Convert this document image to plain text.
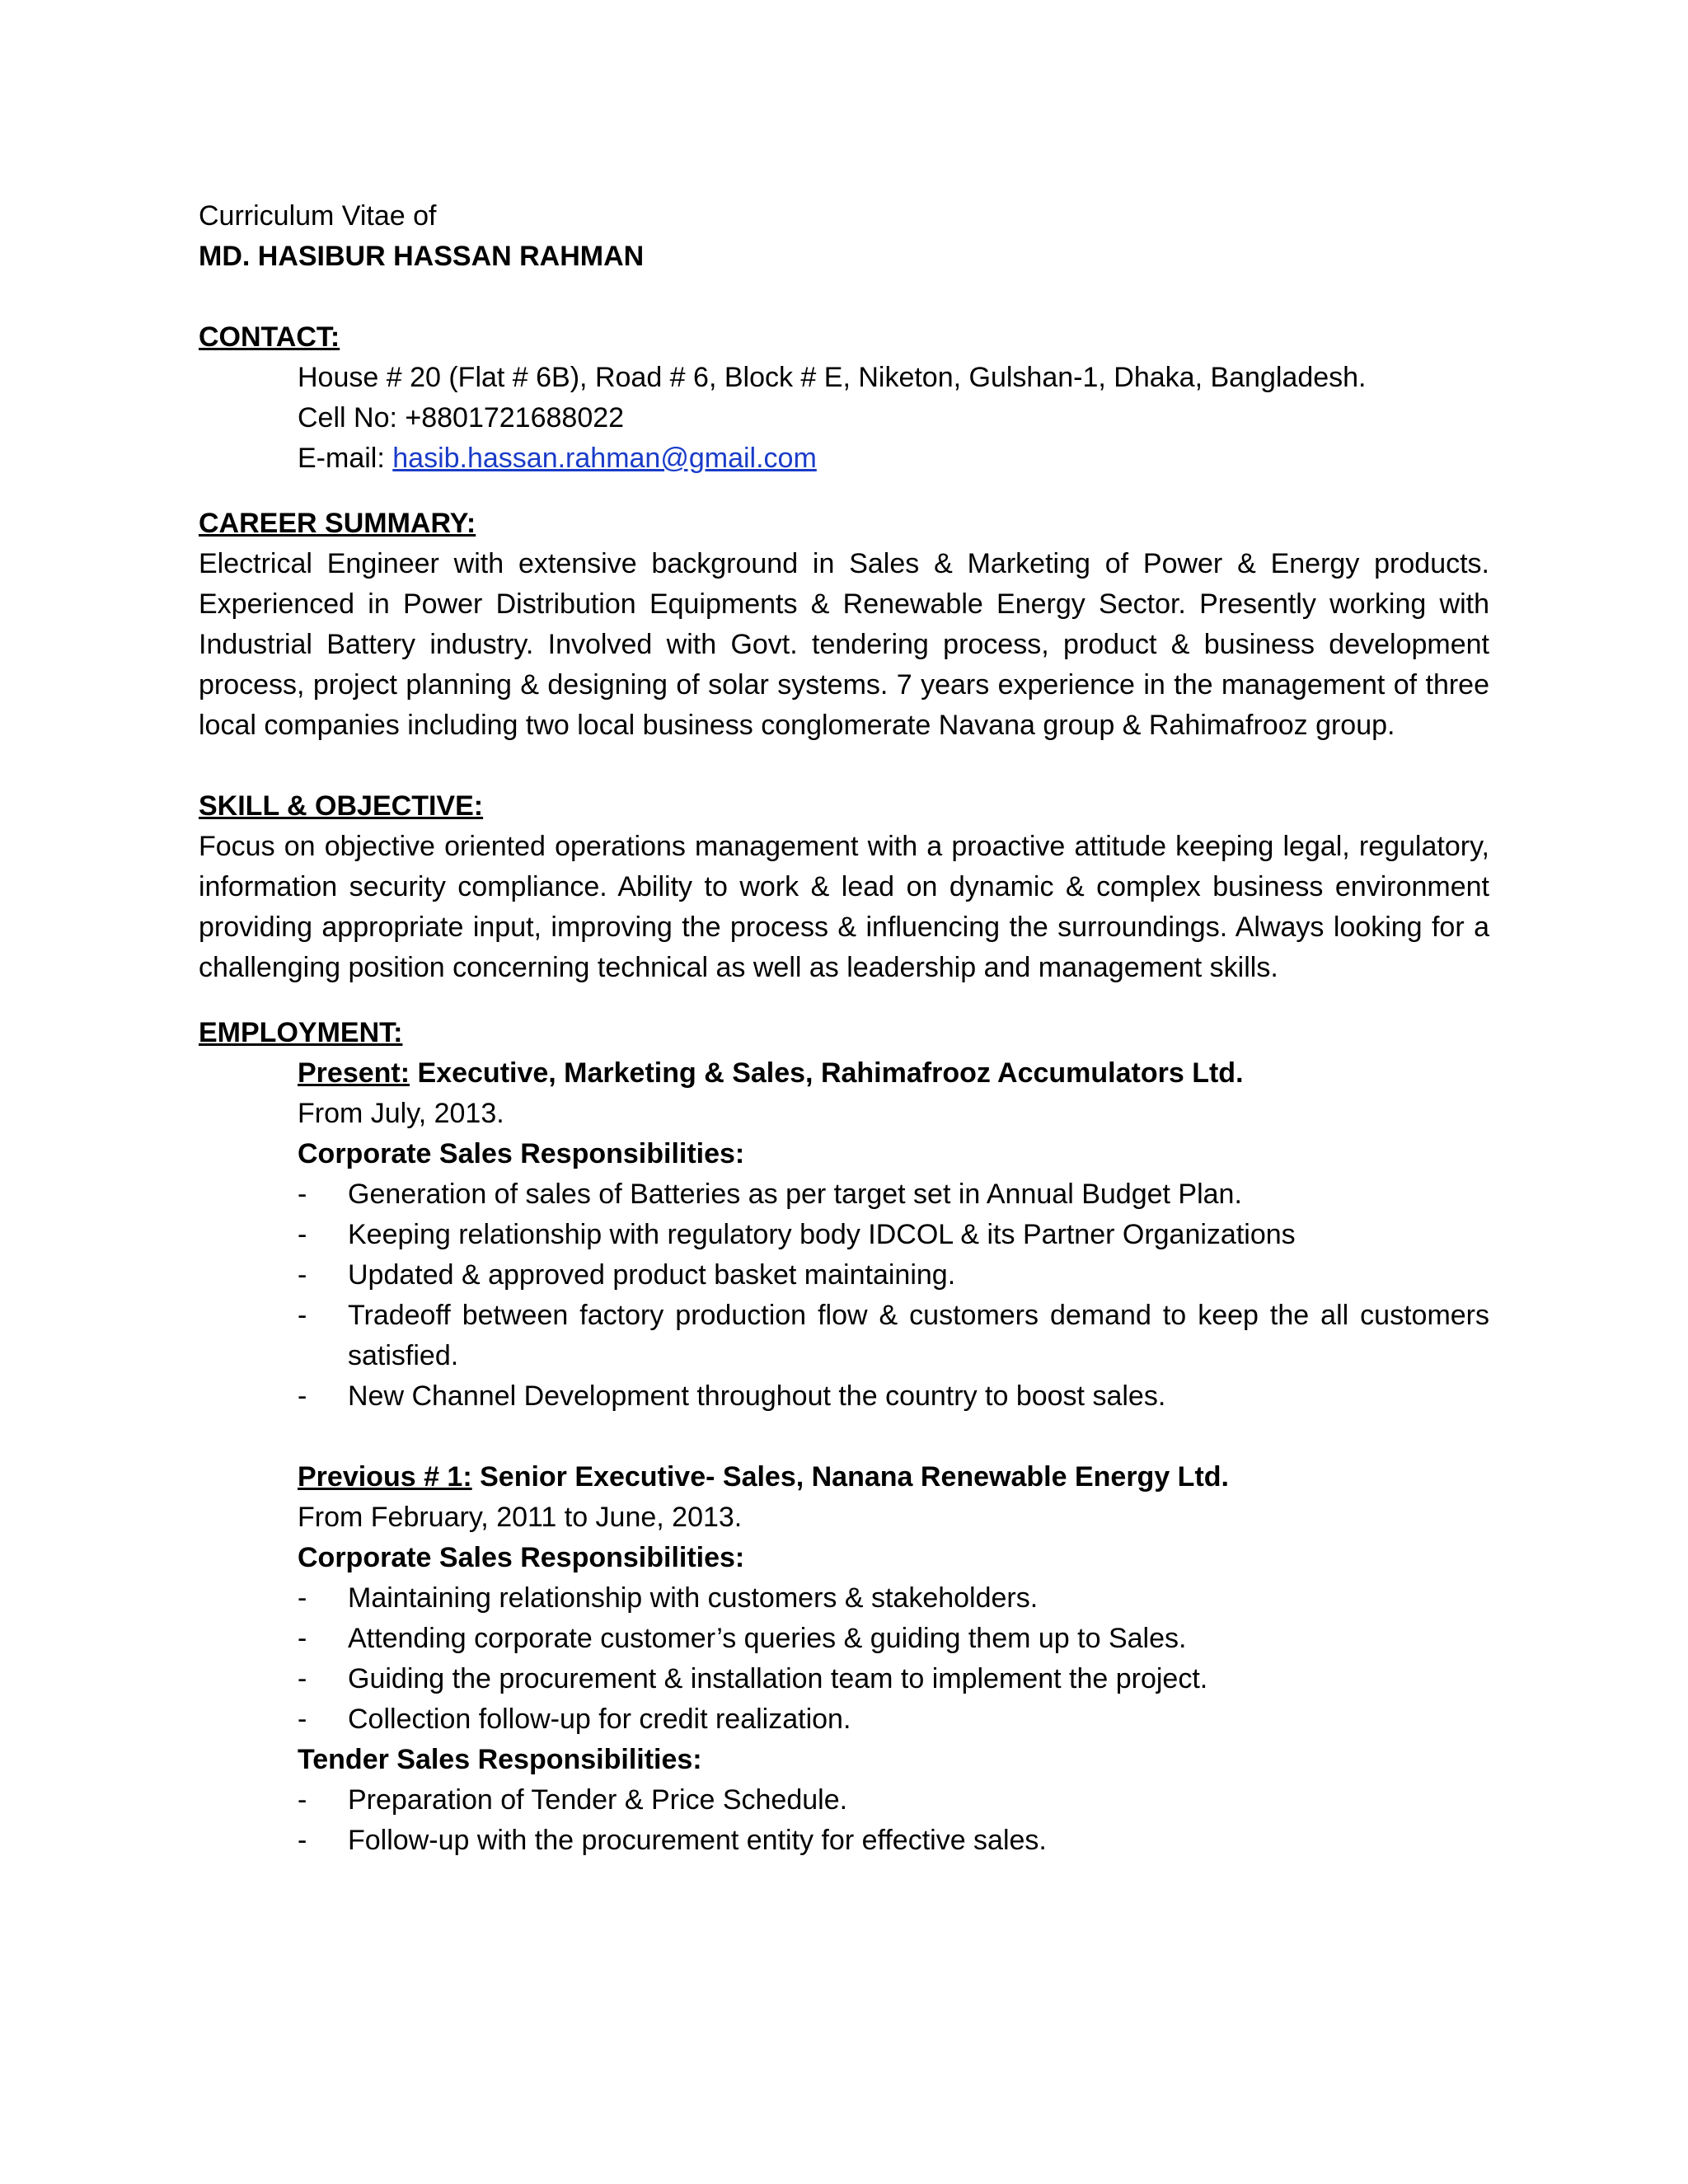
Curriculum Vitae of
MD. HASIBUR HASSAN RAHMAN
CONTACT:
House # 20 (Flat # 6B), Road # 6, Block # E, Niketon, Gulshan-1, Dhaka, Bangladesh.
Cell No: +8801721688022
E-mail: hasib.hassan.rahman@gmail.com
CAREER SUMMARY:
Electrical Engineer with extensive background in Sales & Marketing of Power & Energy products. Experienced in Power Distribution Equipments & Renewable Energy Sector. Presently working with Industrial Battery industry. Involved with Govt. tendering process, product & business development process, project planning & designing of solar systems. 7 years experience in the management of three local companies including two local business conglomerate Navana group & Rahimafrooz group.
SKILL & OBJECTIVE:
Focus on objective oriented operations management with a proactive attitude keeping legal, regulatory, information security compliance. Ability to work & lead on dynamic & complex business environment providing appropriate input, improving the process & influencing the surroundings. Always looking for a challenging position concerning technical as well as leadership and management skills.
EMPLOYMENT:
Present: Executive, Marketing & Sales, Rahimafrooz Accumulators Ltd.
From July, 2013.
Corporate Sales Responsibilities:
- Generation of sales of Batteries as per target set in Annual Budget Plan.
- Keeping relationship with regulatory body IDCOL & its Partner Organizations
- Updated & approved product basket maintaining.
- Tradeoff between factory production flow & customers demand to keep the all customers satisfied.
- New Channel Development throughout the country to boost sales.
Previous # 1: Senior Executive- Sales, Nanana Renewable Energy Ltd.
From February, 2011 to June, 2013.
Corporate Sales Responsibilities:
- Maintaining relationship with customers & stakeholders.
- Attending corporate customer’s queries & guiding them up to Sales.
- Guiding the procurement & installation team to implement the project.
- Collection follow-up for credit realization.
Tender Sales Responsibilities:
- Preparation of Tender & Price Schedule.
- Follow-up with the procurement entity for effective sales.
